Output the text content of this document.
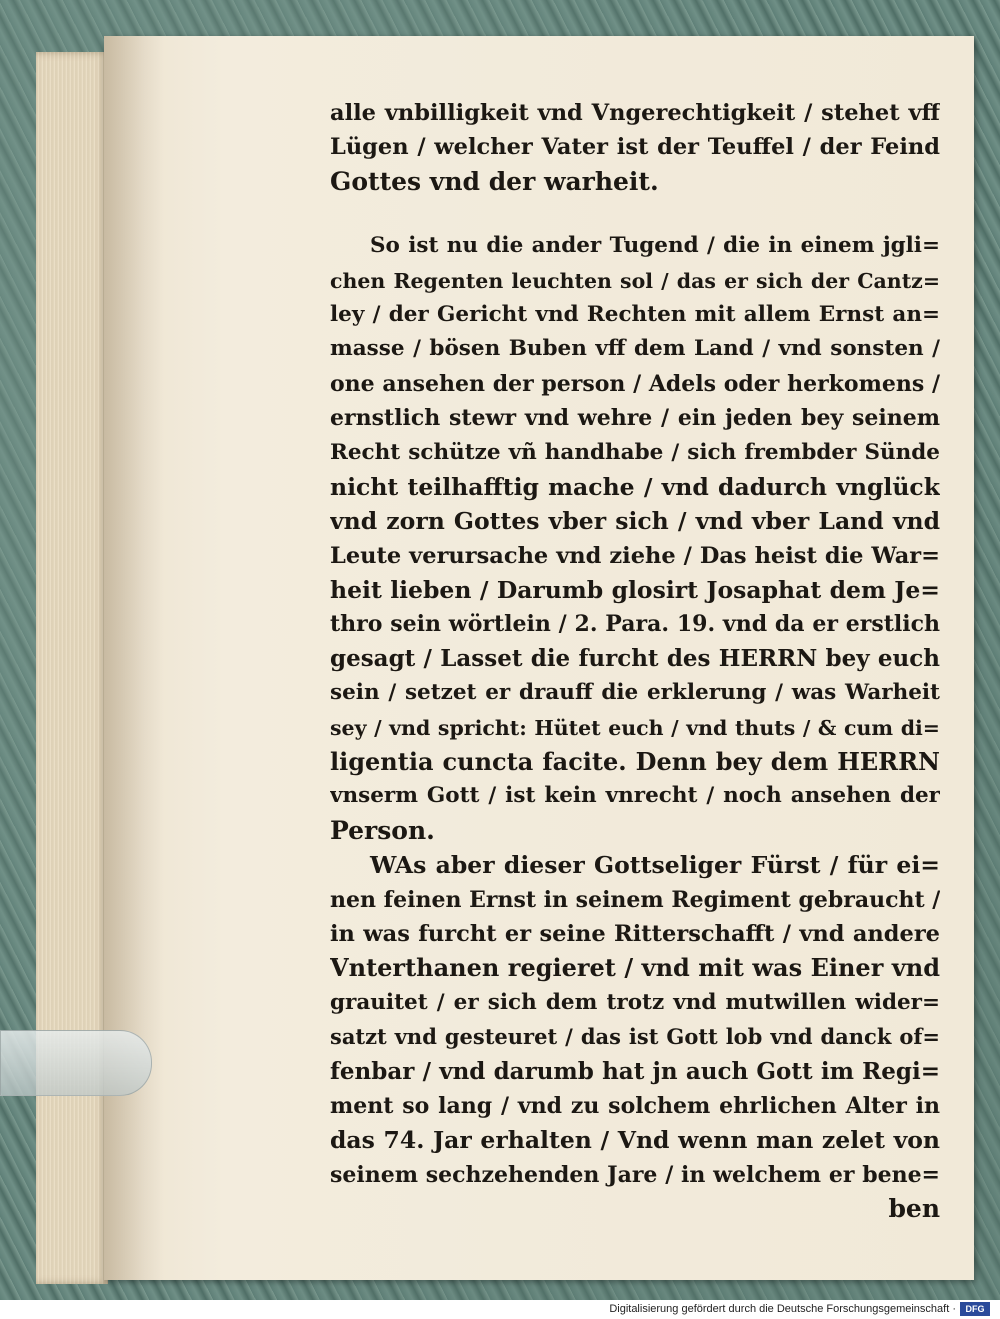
alle vnbilligkeit vnd Vngerechtigkeit / stehet vff
Lügen / welcher Vater ist der Teuffel / der Feind
Gottes vnd der warheit.
So ist nu die ander Tugend / die in einem jgli=
chen Regenten leuchten sol / das er sich der Cantz=
ley / der Gericht vnd Rechten mit allem Ernst an=
masse / bösen Buben vff dem Land / vnd sonsten /
one ansehen der person / Adels oder herkomens /
ernstlich stewr vnd wehre / ein jeden bey seinem
Recht schütze vñ handhabe / sich frembder Sünde
nicht teilhafftig mache / vnd dadurch vnglück
vnd zorn Gottes vber sich / vnd vber Land vnd
Leute verursache vnd ziehe / Das heist die War=
heit lieben / Darumb glosirt Josaphat dem Je=
thro sein wörtlein / 2. Para. 19. vnd da er erstlich
gesagt / Lasset die furcht des HERRN bey euch
sein / setzet er drauff die erklerung / was Warheit
sey / vnd spricht: Hütet euch / vnd thuts / & cum di=
ligentia cuncta facite. Denn bey dem HERRN
vnserm Gott / ist kein vnrecht / noch ansehen der
Person.
WAs aber dieser Gottseliger Fürst / für ei=
nen feinen Ernst in seinem Regiment gebraucht /
in was furcht er seine Ritterschafft / vnd andere
Vnterthanen regieret / vnd mit was Einer vnd
grauitet / er sich dem trotz vnd mutwillen wider=
satzt vnd gesteuret / das ist Gott lob vnd danck of=
fenbar / vnd darumb hat jn auch Gott im Regi=
ment so lang / vnd zu solchem ehrlichen Alter in
das 74. Jar erhalten / Vnd wenn man zelet von
seinem sechzehenden Jare / in welchem er bene=
ben
Digitalisierung gefördert durch die Deutsche Forschungsgemeinschaft ·	DFG
